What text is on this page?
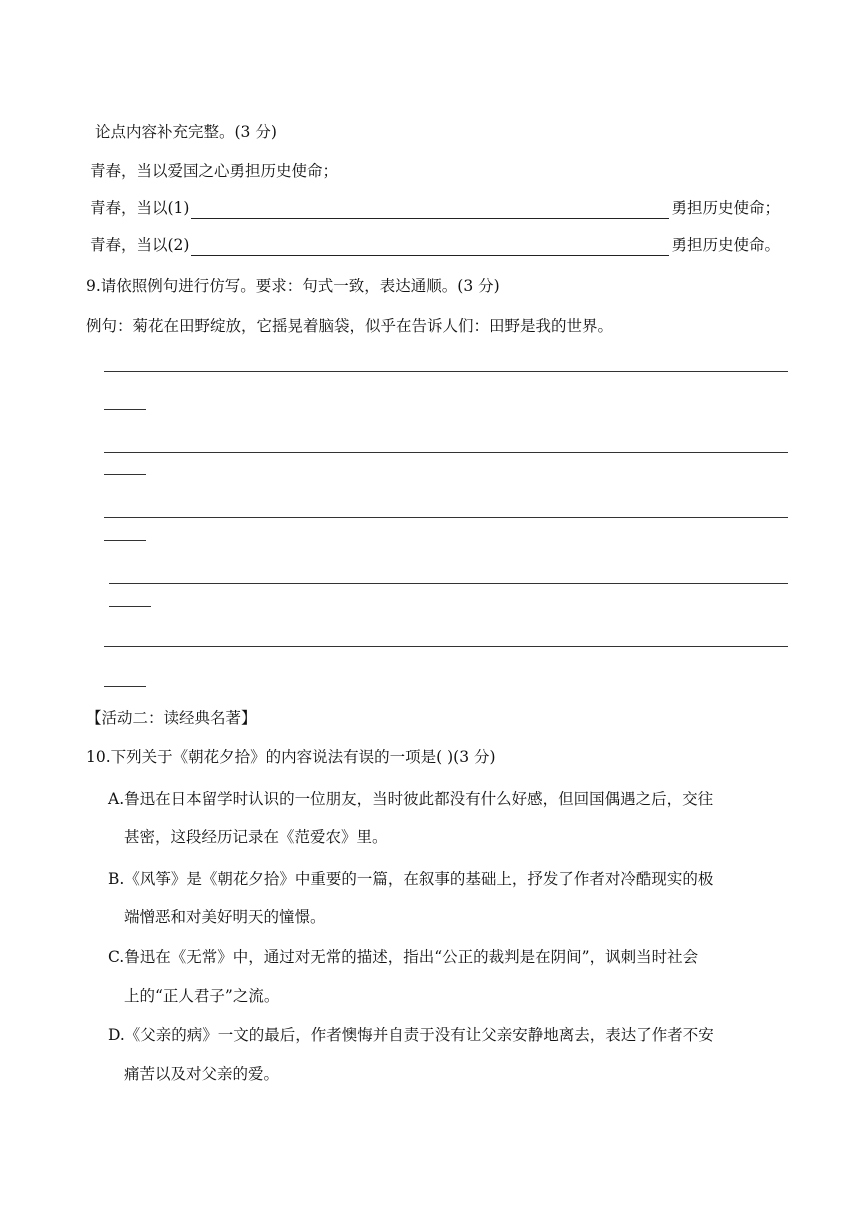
论点内容补充完整。(3 分)
青春，当以爱国之心勇担历史使命；
青春，当以(1)	勇担历史使命；
青春，当以(2)	勇担历史使命。
9.请依照例句进行仿写。要求：句式一致，表达通顺。(3 分)
例句：菊花在田野绽放，它摇晃着脑袋，似乎在告诉人们：田野是我的世界。
【活动二：读经典名著】
10.下列关于《朝花夕拾》的内容说法有误的一项是( )(3 分)
A.鲁迅在日本留学时认识的一位朋友，当时彼此都没有什么好感，但回国偶遇之后，交往
甚密，这段经历记录在《范爱农》里。
B.《风筝》是《朝花夕拾》中重要的一篇，在叙事的基础上，抒发了作者对冷酷现实的极
端憎恶和对美好明天的憧憬。
C.鲁迅在《无常》中，通过对无常的描述，指出“公正的裁判是在阴间”，讽刺当时社会
上的“正人君子”之流。
D.《父亲的病》一文的最后，作者懊悔并自责于没有让父亲安静地离去，表达了作者不安
痛苦以及对父亲的爱。
